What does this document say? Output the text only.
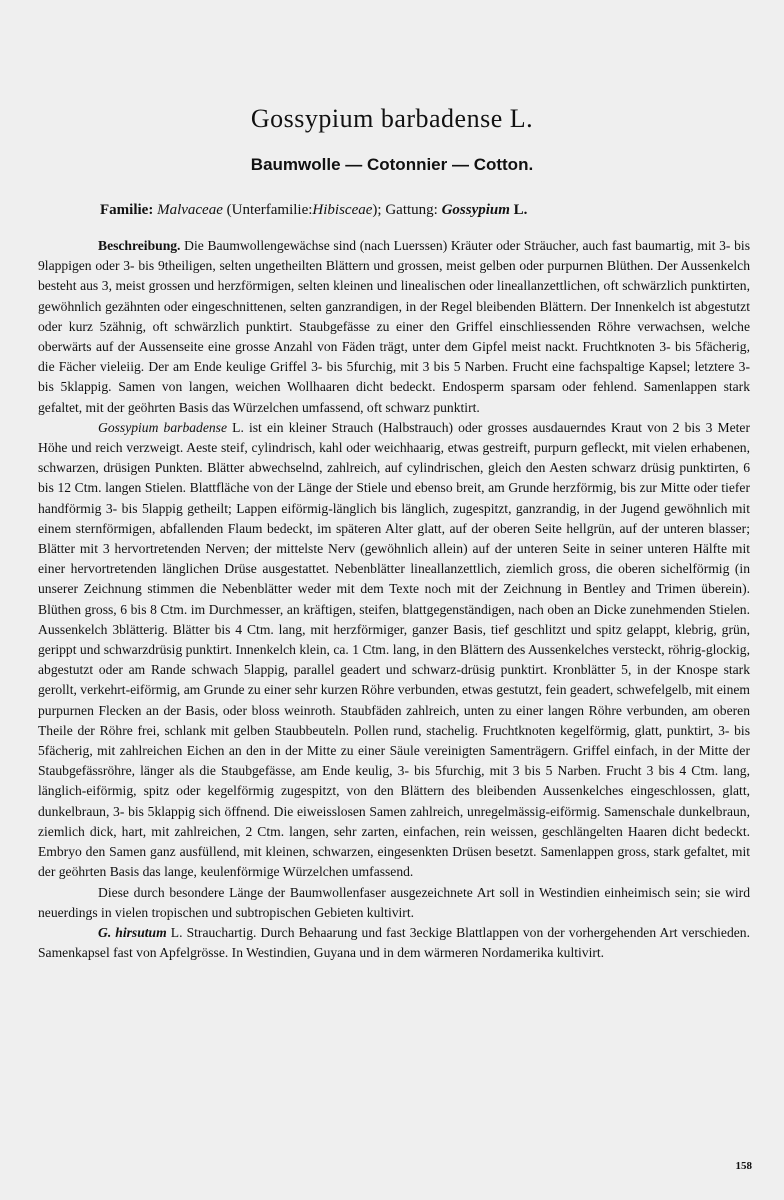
Gossypium barbadense L.
Baumwolle — Cotonnier — Cotton.
Familie: Malvaceae (Unterfamilie:Hibisceae); Gattung: Gossypium L.

Beschreibung. Die Baumwollengewächse sind (nach Luerssen) Kräuter oder Sträucher, auch fast baumartig, mit 3- bis 9lappigen oder 3- bis 9theiligen, selten ungetheilten Blättern und grossen, meist gelben oder purpurnen Blüthen. Der Aussenkelch besteht aus 3, meist grossen und herzförmigen, selten kleinen und linealischen oder lineallanzettlichen, oft schwärzlich punktirten, gewöhnlich gezähnten oder eingeschnittenen, selten ganzrandigen, in der Regel bleibenden Blättern. Der Innenkelch ist abgestutzt oder kurz 5zähnig, oft schwärzlich punktirt. Staubgefässe zu einer den Griffel einschliessenden Röhre verwachsen, welche oberwärts auf der Aussenseite eine grosse Anzahl von Fäden trägt, unter dem Gipfel meist nackt. Fruchtknoten 3- bis 5fächerig, die Fächer vieleiig. Der am Ende keulige Griffel 3- bis 5furchig, mit 3 bis 5 Narben. Frucht eine fachspaltige Kapsel; letztere 3- bis 5klappig. Samen von langen, weichen Wollhaaren dicht bedeckt. Endosperm sparsam oder fehlend. Samenlappen stark gefaltet, mit der geöhrten Basis das Würzelchen umfassend, oft schwarz punktirt.

Gossypium barbadense L. ist ein kleiner Strauch (Halbstrauch) oder grosses ausdauerndes Kraut von 2 bis 3 Meter Höhe und reich verzweigt. Aeste steif, cylindrisch, kahl oder weichhaarig, etwas gestreift, purpurn gefleckt, mit vielen erhabenen, schwarzen, drüsigen Punkten. Blätter abwechselnd, zahlreich, auf cylindrischen, gleich den Aesten schwarz drüsig punktirten, 6 bis 12 Ctm. langen Stielen. Blattfläche von der Länge der Stiele und ebenso breit, am Grunde herzförmig, bis zur Mitte oder tiefer handförmig 3- bis 5lappig getheilt; Lappen eiförmig-länglich bis länglich, zugespitzt, ganzrandig, in der Jugend gewöhnlich mit einem sternförmigen, abfallenden Flaum bedeckt, im späteren Alter glatt, auf der oberen Seite hellgrün, auf der unteren blasser; Blätter mit 3 hervortretenden Nerven; der mittelste Nerv (gewöhnlich allein) auf der unteren Seite in seiner unteren Hälfte mit einer hervortretenden länglichen Drüse ausgestattet. Nebenblätter lineallanzettlich, ziemlich gross, die oberen sichelförmig (in unserer Zeichnung stimmen die Nebenblätter weder mit dem Texte noch mit der Zeichnung in Bentley and Trimen überein). Blüthen gross, 6 bis 8 Ctm. im Durchmesser, an kräftigen, steifen, blattgegenständigen, nach oben an Dicke zunehmenden Stielen. Aussenkelch 3blätterig. Blätter bis 4 Ctm. lang, mit herzförmiger, ganzer Basis, tief geschlitzt und spitz gelappt, klebrig, grün, gerippt und schwarzdrüsig punktirt. Innenkelch klein, ca. 1 Ctm. lang, in den Blättern des Aussenkelches versteckt, röhrig-glockig, abgestutzt oder am Rande schwach 5lappig, parallel geadert und schwarz-drüsig punktirt. Kronblätter 5, in der Knospe stark gerollt, verkehrt-eiförmig, am Grunde zu einer sehr kurzen Röhre verbunden, etwas gestutzt, fein geadert, schwefelgelb, mit einem purpurnen Flecken an der Basis, oder bloss weinroth. Staubfäden zahlreich, unten zu einer langen Röhre verbunden, am oberen Theile der Röhre frei, schlank mit gelben Staubbeuteln. Pollen rund, stachelig. Fruchtknoten kegelförmig, glatt, punktirt, 3- bis 5fächerig, mit zahlreichen Eichen an den in der Mitte zu einer Säule vereinigten Samenträgern. Griffel einfach, in der Mitte der Staubgefässröhre, länger als die Staubgefässe, am Ende keulig, 3- bis 5furchig, mit 3 bis 5 Narben. Frucht 3 bis 4 Ctm. lang, länglich-eiförmig, spitz oder kegelförmig zugespitzt, von den Blättern des bleibenden Aussenkelches eingeschlossen, glatt, dunkelbraun, 3- bis 5klappig sich öffnend. Die eiweisslosen Samen zahlreich, unregelmässig-eiförmig. Samenschale dunkelbraun, ziemlich dick, hart, mit zahlreichen, 2 Ctm. langen, sehr zarten, einfachen, rein weissen, geschlängelten Haaren dicht bedeckt. Embryo den Samen ganz ausfüllend, mit kleinen, schwarzen, eingesenkten Drüsen besetzt. Samenlappen gross, stark gefaltet, mit der geöhrten Basis das lange, keulenförmige Würzelchen umfassend.

Diese durch besondere Länge der Baumwollenfaser ausgezeichnete Art soll in Westindien einheimisch sein; sie wird neuerdings in vielen tropischen und subtropischen Gebieten kultivirt.

G. hirsutum L. Strauchartig. Durch Behaarung und fast 3eckige Blattlappen von der vorhergehenden Art verschieden. Samenkapsel fast von Apfelgrösse. In Westindien, Guyana und in dem wärmeren Nordamerika kultivirt.

158
